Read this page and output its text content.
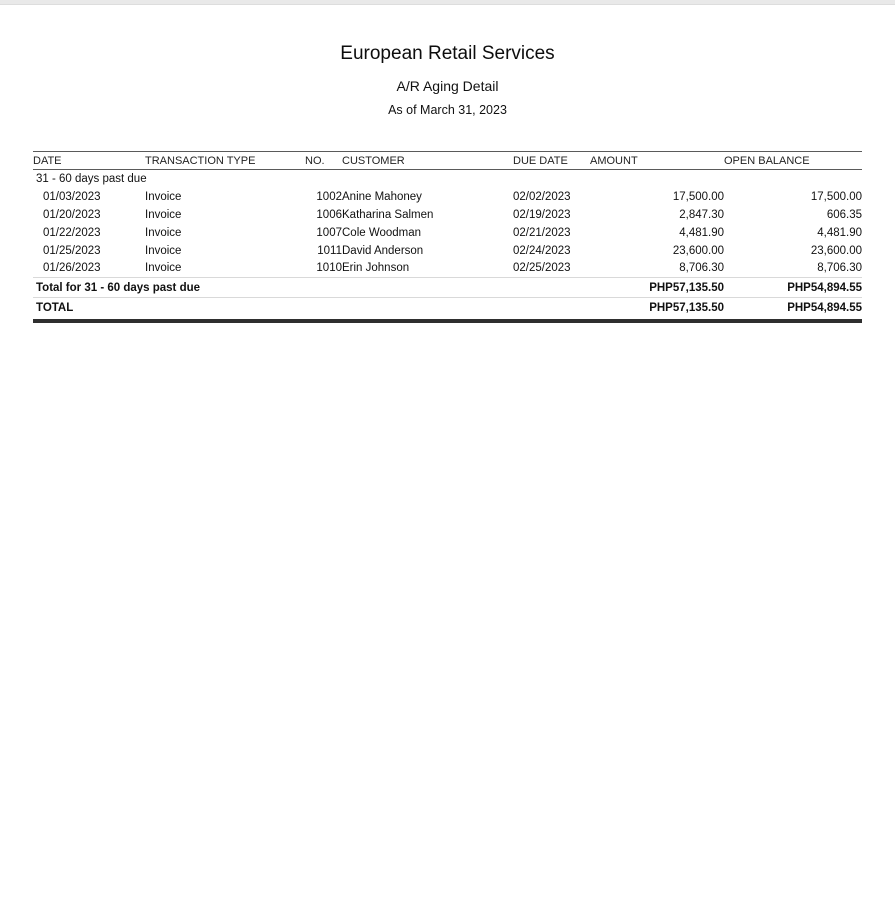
European Retail Services
A/R Aging Detail
As of March 31, 2023
DATE	TRANSACTION TYPE	NO.	CUSTOMER	DUE DATE	AMOUNT	OPEN BALANCE
31 - 60 days past due						
01/03/2023	Invoice	1002	Anine Mahoney	02/02/2023	17,500.00	17,500.00
01/20/2023	Invoice	1006	Katharina Salmen	02/19/2023	2,847.30	606.35
01/22/2023	Invoice	1007	Cole Woodman	02/21/2023	4,481.90	4,481.90
01/25/2023	Invoice	1011	David Anderson	02/24/2023	23,600.00	23,600.00
01/26/2023	Invoice	1010	Erin Johnson	02/25/2023	8,706.30	8,706.30
Total for 31 - 60 days past due					PHP57,135.50	PHP54,894.55
TOTAL					PHP57,135.50	PHP54,894.55
